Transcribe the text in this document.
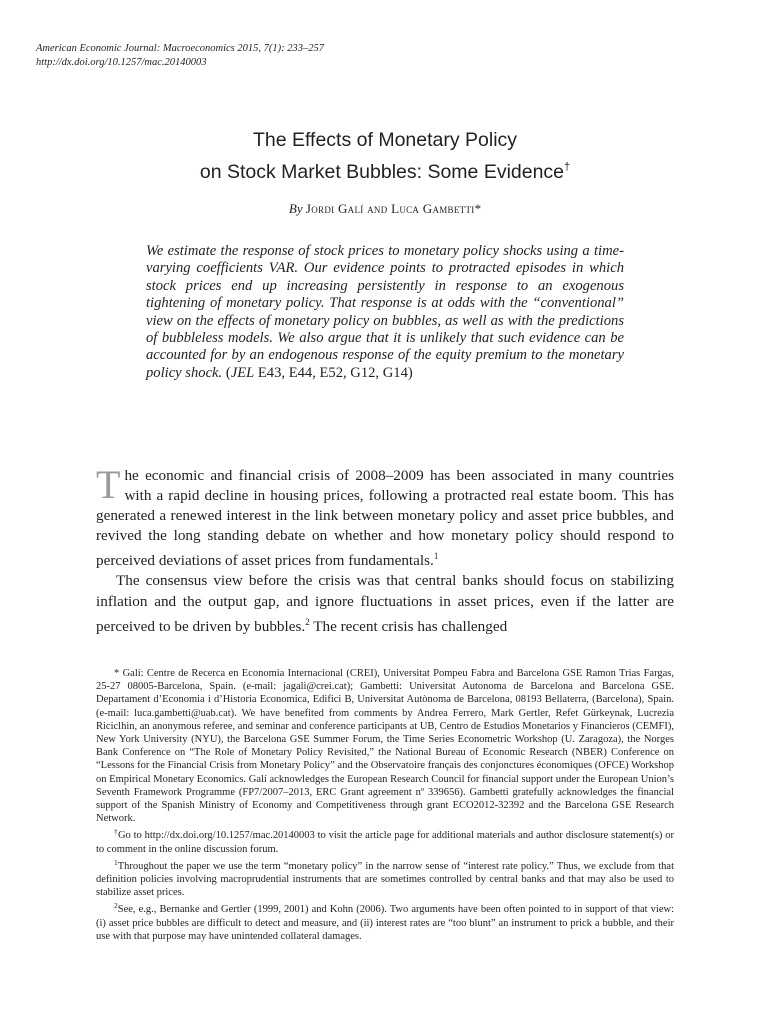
American Economic Journal: Macroeconomics 2015, 7(1): 233–257
http://dx.doi.org/10.1257/mac.20140003
The Effects of Monetary Policy
on Stock Market Bubbles: Some Evidence†
By Jordi Galí and Luca Gambetti*
We estimate the response of stock prices to monetary policy shocks using a time-varying coefficients VAR. Our evidence points to protracted episodes in which stock prices end up increasing persistently in response to an exogenous tightening of monetary policy. That response is at odds with the “conventional” view on the effects of monetary policy on bubbles, as well as with the predictions of bubbleless models. We also argue that it is unlikely that such evidence can be accounted for by an endogenous response of the equity premium to the monetary policy shock. (JEL E43, E44, E52, G12, G14)

The economic and financial crisis of 2008–2009 has been associated in many countries with a rapid decline in housing prices, following a protracted real estate boom. This has generated a renewed interest in the link between monetary policy and asset price bubbles, and revived the long standing debate on whether and how monetary policy should respond to perceived deviations of asset prices from fundamentals.$^1$

The consensus view before the crisis was that central banks should focus on stabilizing inflation and the output gap, and ignore fluctuations in asset prices, even if the latter are perceived to be driven by bubbles.$^2$ The recent crisis has challenged

* Galí: Centre de Recerca en Economia Internacional (CREI), Universitat Pompeu Fabra and Barcelona GSE Ramon Trias Fargas, 25-27 08005-Barcelona, Spain. (e-mail: jagali@crei.cat); Gambetti: Universitat Autonoma de Barcelona and Barcelona GSE. Departament d’Economia i d’Historia Economica, Edifici B, Universitat Autònoma de Barcelona, 08193 Bellaterra, (Barcelona), Spain. (e-mail: luca.gambetti@uab.cat). We have benefited from comments by Andrea Ferrero, Mark Gertler, Refet Gürkeynak, Lucrezia Riciclhin, an anonymous referee, and seminar and conference participants at UB, Centro de Estudios Monetarios y Financieros (CEMFI), New York University (NYU), the Barcelona GSE Summer Forum, the Time Series Econometric Workshop (U. Zaragoza), the Norges Bank Conference on “The Role of Monetary Policy Revisited,” the National Bureau of Economic Research (NBER) Conference on “Lessons for the Financial Crisis from Monetary Policy” and the Observatoire français des conjonctures économiques (OFCE) Workshop on Empirical Monetary Economics. Galí acknowledges the European Research Council for financial support under the European Union’s Seventh Framework Programme (FP7/2007–2013, ERC Grant agreement nº 339656). Gambetti gratefully acknowledges the financial support of the Spanish Ministry of Economy and Competitiveness through grant ECO2012-32392 and the Barcelona GSE Research Network.

†Go to http://dx.doi.org/10.1257/mac.20140003 to visit the article page for additional materials and author disclosure statement(s) or to comment in the online discussion forum.

$^1$Throughout the paper we use the term “monetary policy” in the narrow sense of “interest rate policy.” Thus, we exclude from that definition policies involving macroprudential instruments that are sometimes controlled by central banks and that may also be used to stabilize asset prices.

$^2$See, e.g., Bernanke and Gertler (1999, 2001) and Kohn (2006). Two arguments have been often pointed to in support of that view: (i) asset price bubbles are difficult to detect and measure, and (ii) interest rates are “too blunt” an instrument to prick a bubble, and their use with that purpose may have unintended collateral damages.
